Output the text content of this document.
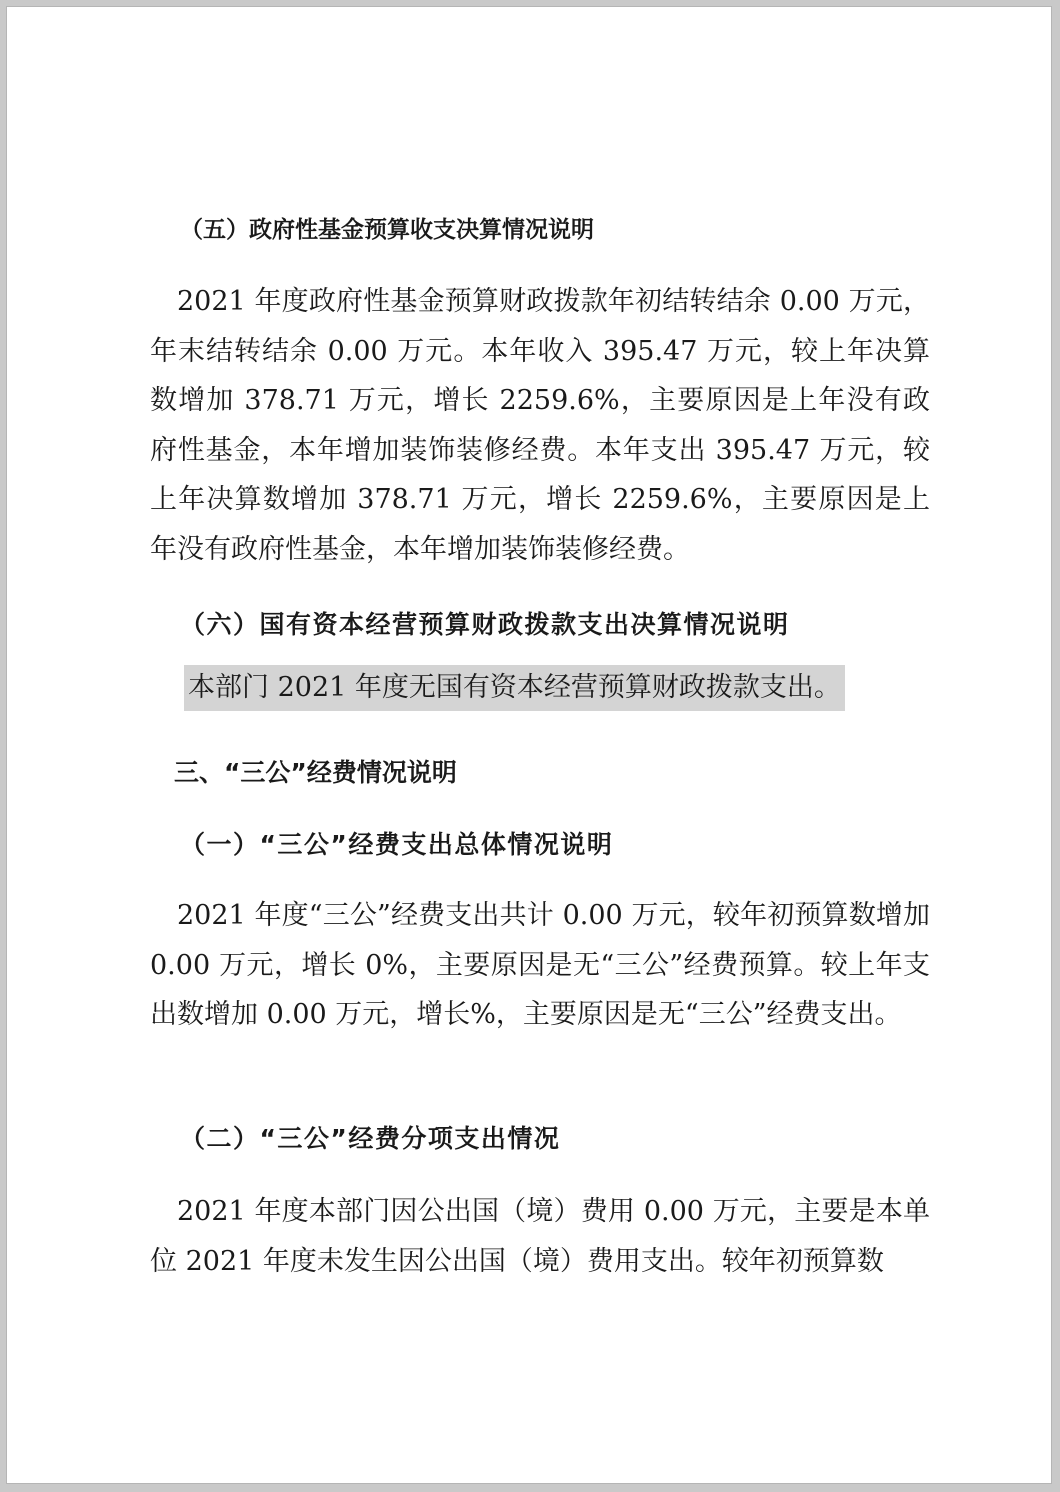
（五）政府性基金预算收支决算情况说明

2021 年度政府性基金预算财政拨款年初结转结余 0.00 万元，年末结转结余 0.00 万元。本年收入 395.47 万元，较上年决算数增加 378.71 万元，增长 2259.6%，主要原因是上年没有政府性基金，本年增加装饰装修经费。本年支出 395.47 万元，较上年决算数增加 378.71 万元，增长 2259.6%，主要原因是上年没有政府性基金，本年增加装饰装修经费。

（六）国有资本经营预算财政拨款支出决算情况说明

本部门 2021 年度无国有资本经营预算财政拨款支出。

三、“三公”经费情况说明

（一）“三公”经费支出总体情况说明

2021 年度“三公”经费支出共计 0.00 万元，较年初预算数增加 0.00 万元，增长 0%，主要原因是无“三公”经费预算。较上年支出数增加 0.00 万元，增长%，主要原因是无“三公”经费支出。

（二）“三公”经费分项支出情况

2021 年度本部门因公出国（境）费用 0.00 万元，主要是本单位 2021 年度未发生因公出国（境）费用支出。较年初预算数
